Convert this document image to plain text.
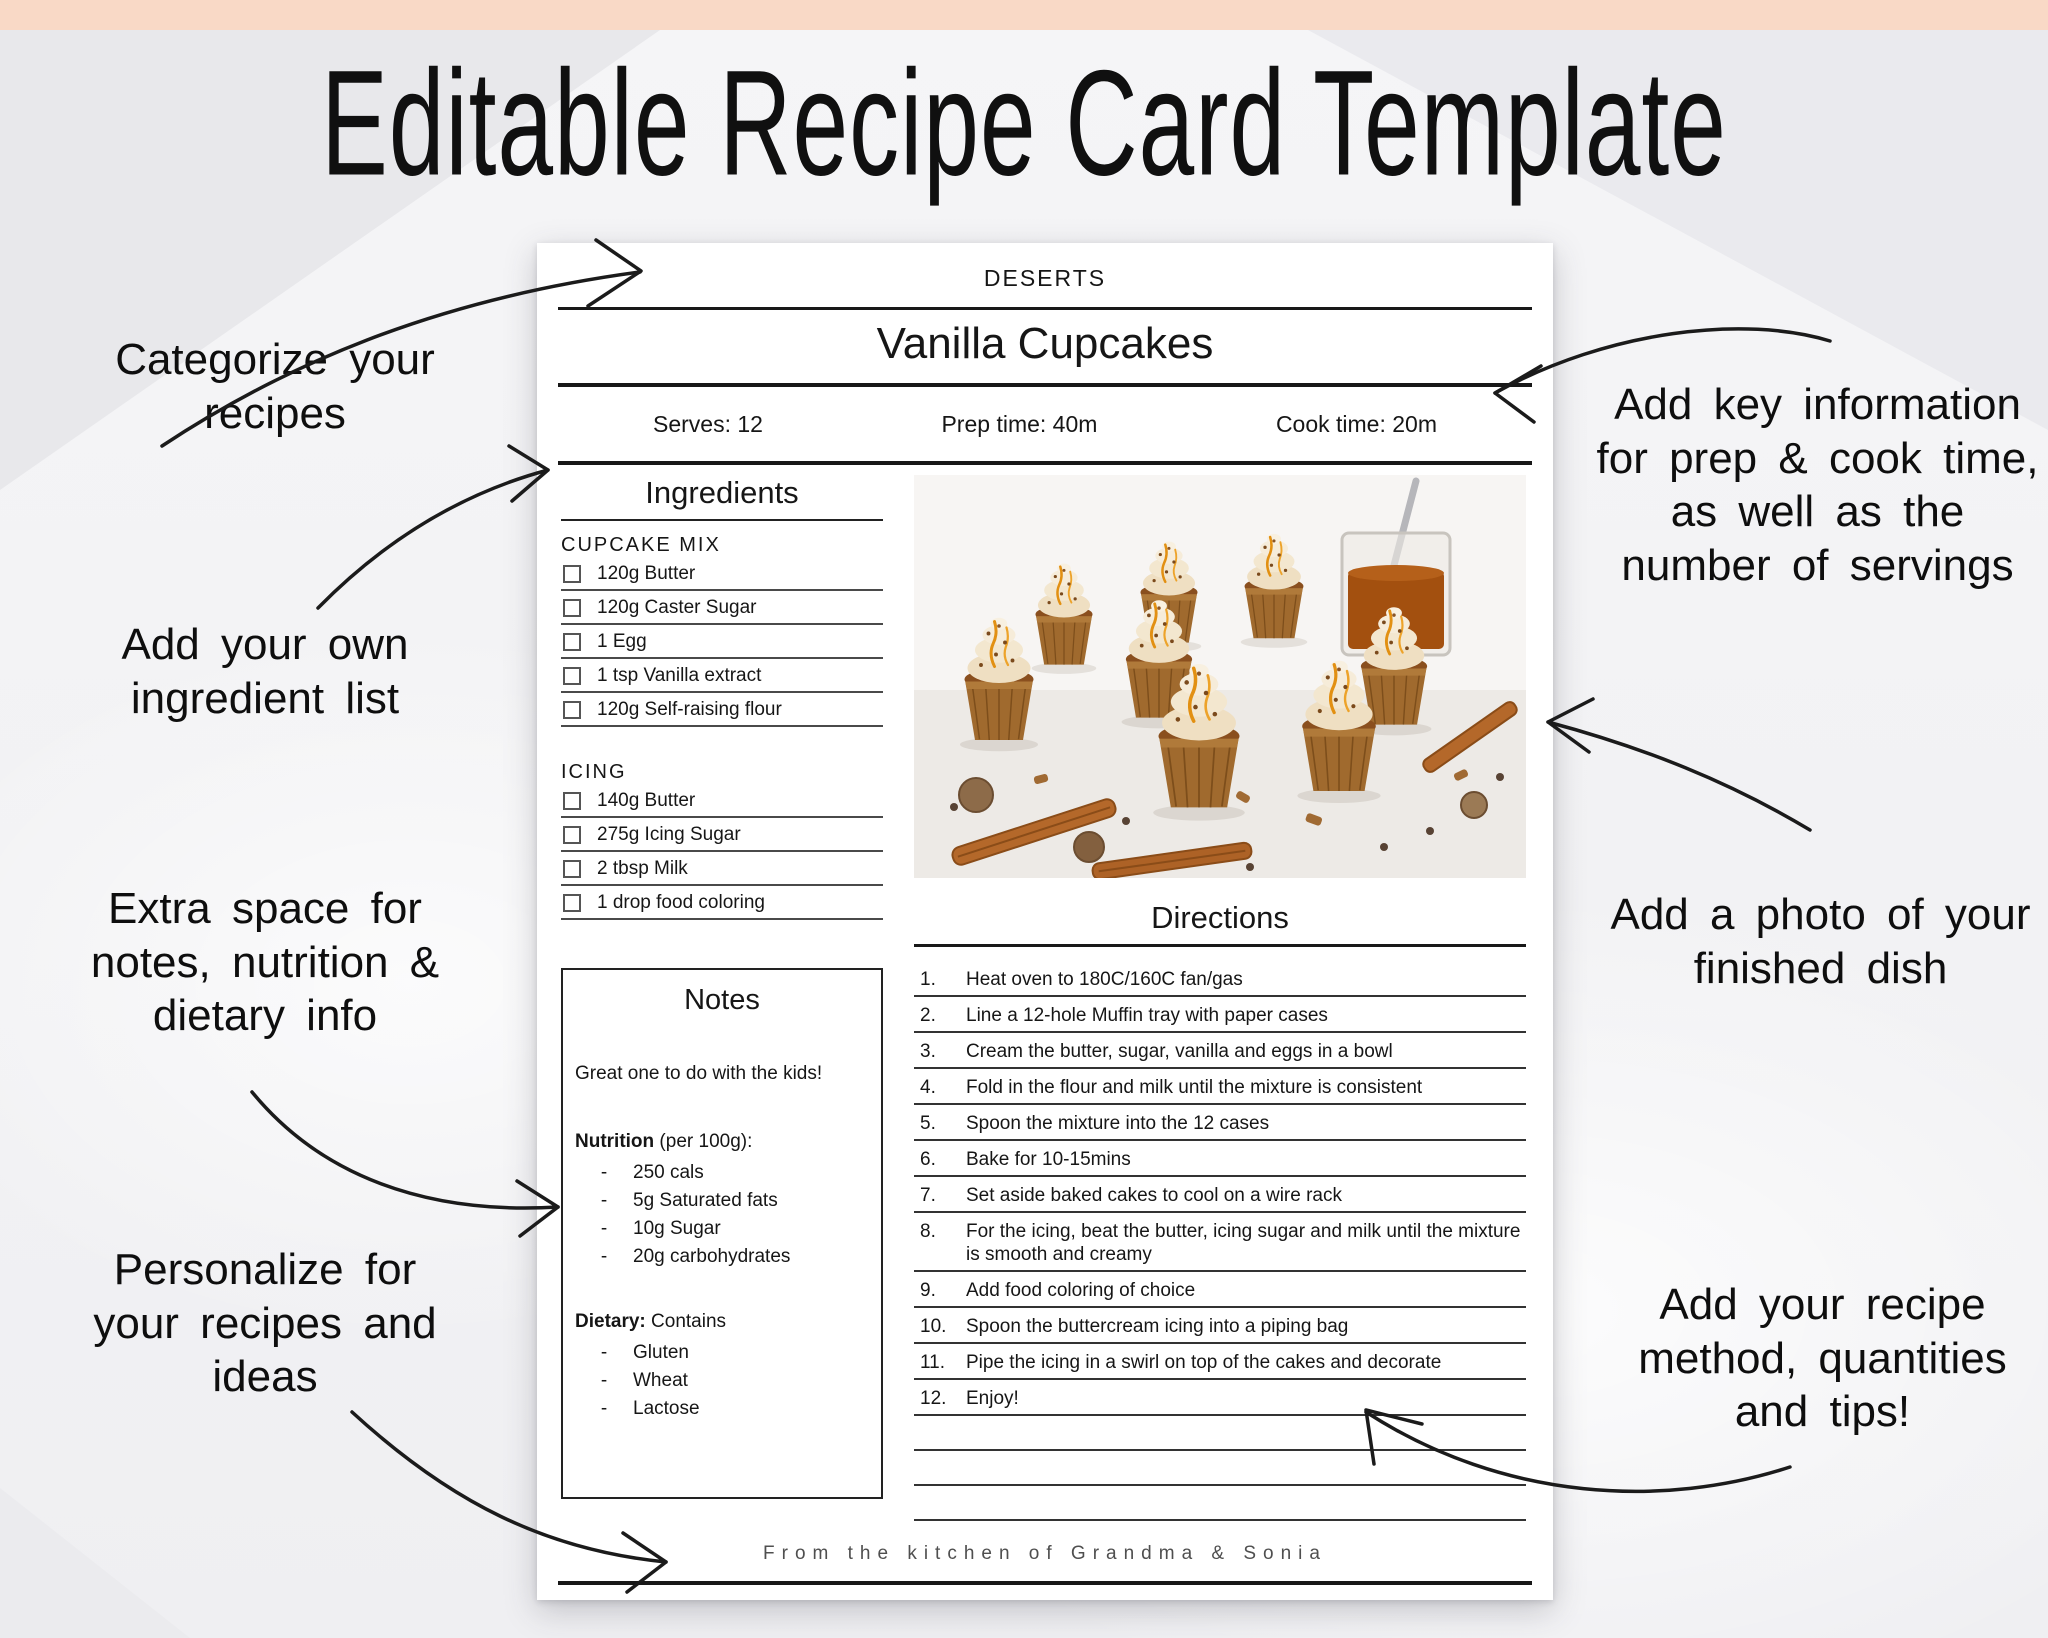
Editable Recipe Card Template
DESERTS
Vanilla Cupcakes
Serves: 12	Prep time: 40m	Cook time: 20m
Ingredients
CUPCAKE MIX
120g Butter
120g Caster Sugar
1 Egg
1 tsp Vanilla extract
120g Self-raising flour
ICING
140g Butter
275g Icing Sugar
2 tbsp Milk
1 drop food coloring
Notes
Great one to do with the kids!
Nutrition (per 100g):
-	250 cals
-	5g Saturated fats
-	10g Sugar
-	20g carbohydrates
Dietary: Contains
-	Gluten
-	Wheat
-	Lactose
Directions
1.	Heat oven to 180C/160C fan/gas
2.	Line a 12-hole Muffin tray with paper cases
3.	Cream the butter, sugar, vanilla and eggs in a bowl
4.	Fold in the flour and milk until the mixture is consistent
5.	Spoon the mixture into the 12 cases
6.	Bake for 10-15mins
7.	Set aside baked cakes to cool on a wire rack
8.	For the icing, beat the butter, icing sugar and milk until the mixture is smooth and creamy
9.	Add food coloring of choice
10.	Spoon the buttercream icing into a piping bag
11.	Pipe the icing in a swirl on top of the cakes and decorate
12.	Enjoy!
From the kitchen of Grandma & Sonia
Categorize your recipes
Add your own ingredient list
Extra space for notes, nutrition & dietary info
Personalize for your recipes and ideas
Add key information for prep & cook time, as well as the number of servings
Add a photo of your finished dish
Add your recipe method, quantities and tips!
